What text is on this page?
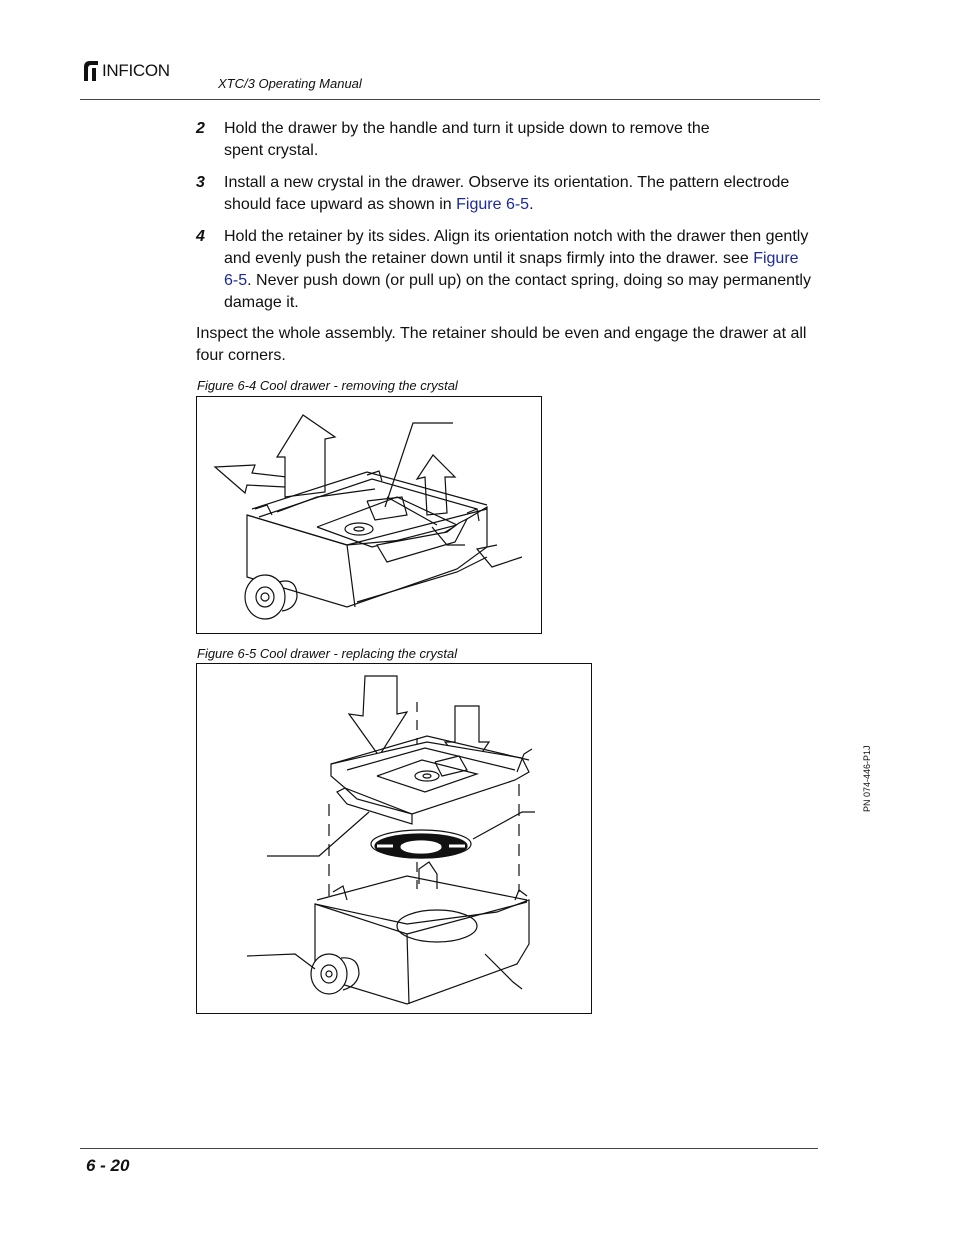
INFICON
XTC/3 Operating Manual
2 Hold the drawer by the handle and turn it upside down to remove the spent crystal.
3 Install a new crystal in the drawer. Observe its orientation. The pattern electrode should face upward as shown in Figure 6-5.
4 Hold the retainer by its sides. Align its orientation notch with the drawer then gently and evenly push the retainer down until it snaps firmly into the drawer. see Figure 6-5. Never push down (or pull up) on the contact spring, doing so may permanently damage it.
Inspect the whole assembly. The retainer should be even and engage the drawer at all four corners.
Figure 6-4 Cool drawer - removing the crystal
Figure 6-5 Cool drawer - replacing the crystal
6 - 20
PN 074-446-P1J
